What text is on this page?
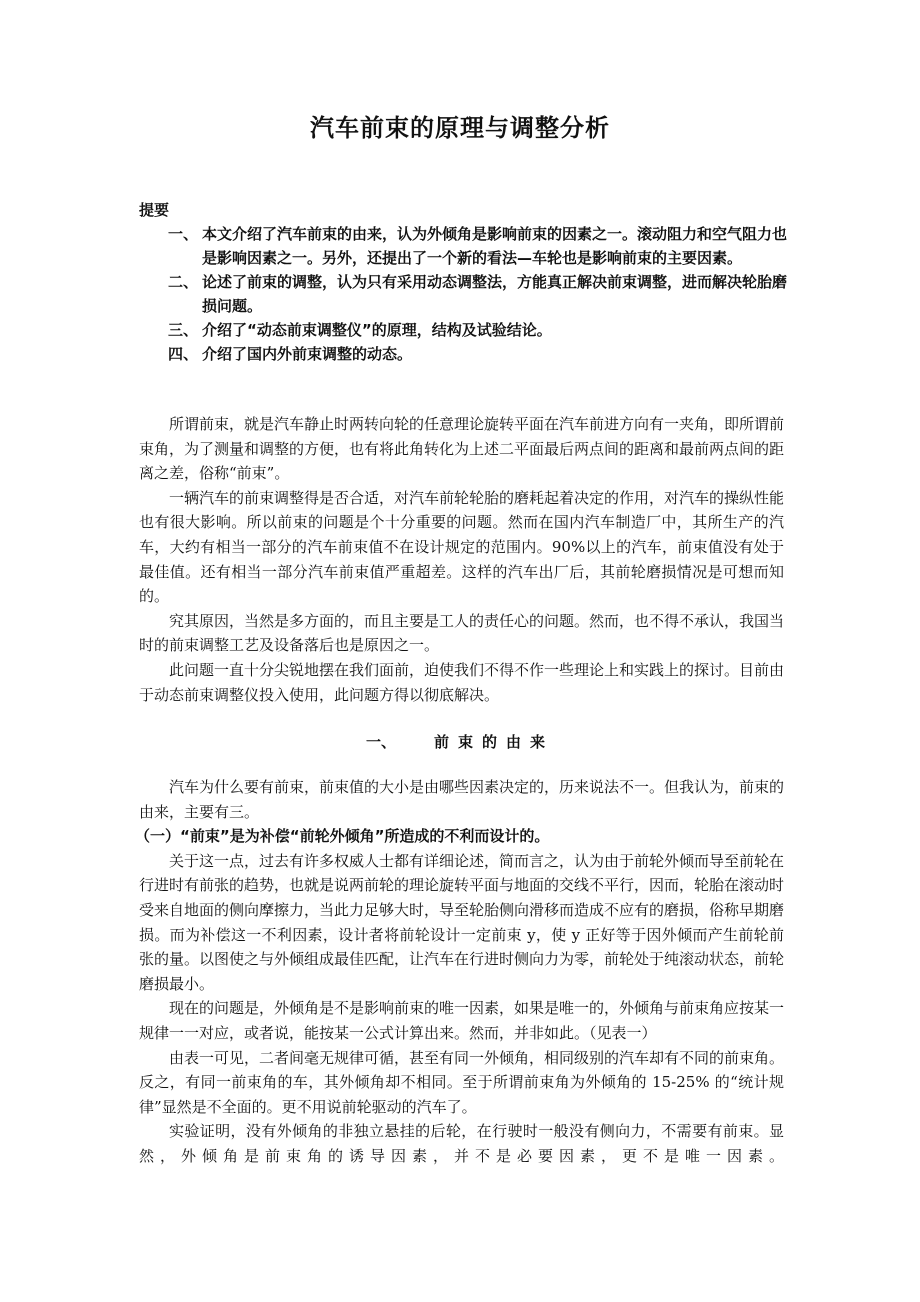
汽车前束的原理与调整分析
提要
一、 本文介绍了汽车前束的由来，认为外倾角是影响前束的因素之一。滚动阻力和空气阻力也是影响因素之一。另外，还提出了一个新的看法—车轮也是影响前束的主要因素。
二、 论述了前束的调整，认为只有采用动态调整法，方能真正解决前束调整，进而解决轮胎磨损问题。
三、 介绍了“动态前束调整仪”的原理，结构及试验结论。
四、 介绍了国内外前束调整的动态。

所谓前束，就是汽车静止时两转向轮的任意理论旋转平面在汽车前进方向有一夹角，即所谓前束角，为了测量和调整的方便，也有将此角转化为上述二平面最后两点间的距离和最前两点间的距离之差，俗称“前束”。

一辆汽车的前束调整得是否合适，对汽车前轮轮胎的磨耗起着决定的作用，对汽车的操纵性能也有很大影响。所以前束的问题是个十分重要的问题。然而在国内汽车制造厂中，其所生产的汽车，大约有相当一部分的汽车前束值不在设计规定的范围内。90%以上的汽车，前束值没有处于最佳值。还有相当一部分汽车前束值严重超差。这样的汽车出厂后，其前轮磨损情况是可想而知的。

究其原因，当然是多方面的，而且主要是工人的责任心的问题。然而，也不得不承认，我国当时的前束调整工艺及设备落后也是原因之一。

此问题一直十分尖锐地摆在我们面前，迫使我们不得不作一些理论上和实践上的探讨。目前由于动态前束调整仪投入使用，此问题方得以彻底解决。

一、	前束的由来

汽车为什么要有前束，前束值的大小是由哪些因素决定的，历来说法不一。但我认为，前束的由来，主要有三。

（一）“前束”是为补偿“前轮外倾角”所造成的不利而设计的。

关于这一点，过去有许多权威人士都有详细论述，简而言之，认为由于前轮外倾而导至前轮在行进时有前张的趋势，也就是说两前轮的理论旋转平面与地面的交线不平行，因而，轮胎在滚动时受来自地面的侧向摩擦力，当此力足够大时，导至轮胎侧向滑移而造成不应有的磨损，俗称早期磨损。而为补偿这一不利因素，设计者将前轮设计一定前束 y，使 y 正好等于因外倾而产生前轮前张的量。以图使之与外倾组成最佳匹配，让汽车在行进时侧向力为零，前轮处于纯滚动状态，前轮磨损最小。

现在的问题是，外倾角是不是影响前束的唯一因素，如果是唯一的，外倾角与前束角应按某一规律一一对应，或者说，能按某一公式计算出来。然而，并非如此。（见表一）

由表一可见，二者间毫无规律可循，甚至有同一外倾角，相同级别的汽车却有不同的前束角。反之，有同一前束角的车，其外倾角却不相同。至于所谓前束角为外倾角的 15-25% 的“统计规律”显然是不全面的。更不用说前轮驱动的汽车了。

实验证明，没有外倾角的非独立悬挂的后轮，在行驶时一般没有侧向力，不需要有前束。显然，外倾角是前束角的诱导因素，并不是必要因素，更不是唯一因素。
